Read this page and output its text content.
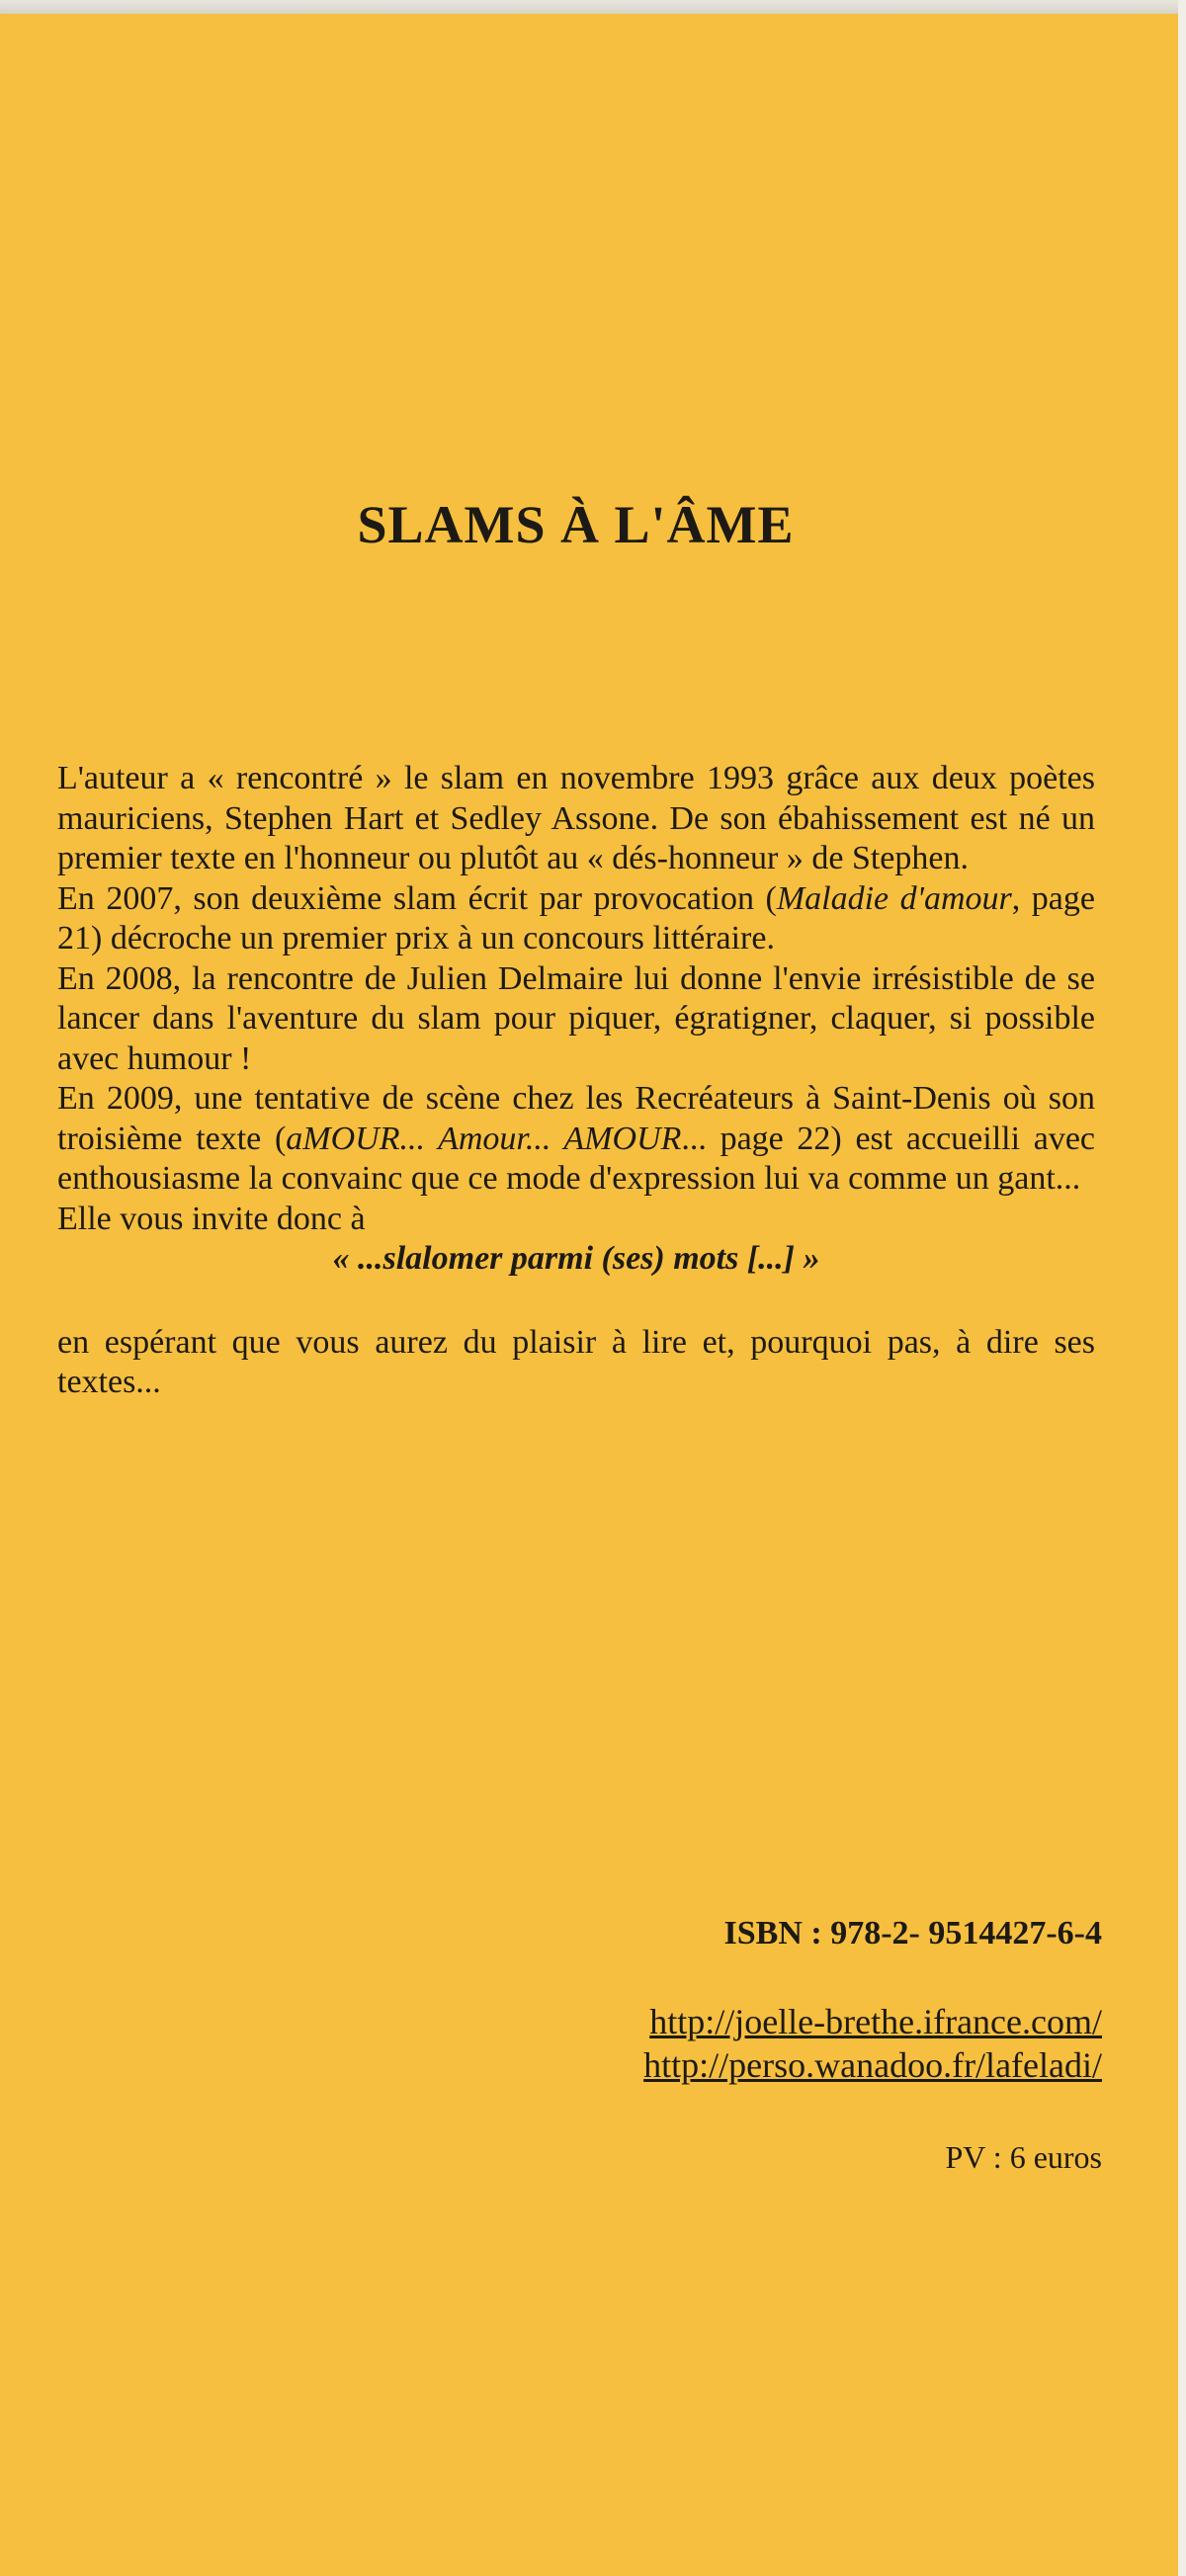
SLAMS À L'ÂME

L'auteur a « rencontré » le slam en novembre 1993 grâce aux deux poètes mauriciens, Stephen Hart et Sedley Assone. De son ébahissement est né un premier texte en l'honneur ou plutôt au « dés-honneur » de Stephen.

En 2007, son deuxième slam écrit par provocation (Maladie d'amour, page 21) décroche un premier prix à un concours littéraire.

En 2008, la rencontre de Julien Delmaire lui donne l'envie irrésistible de se lancer dans l'aventure du slam pour piquer, égratigner, claquer, si possible avec humour !

En 2009, une tentative de scène chez les Recréateurs à Saint-Denis où son troisième texte (aMOUR... Amour... AMOUR... page 22) est accueilli avec enthousiasme la convainc que ce mode d'expression lui va comme un gant...

Elle vous invite donc à

« ...slalomer parmi (ses) mots [...] »

en espérant que vous aurez du plaisir à lire et, pourquoi pas, à dire ses textes...

ISBN : 978-2- 9514427-6-4
http://joelle-brethe.ifrance.com/
http://perso.wanadoo.fr/lafeladi/
PV : 6 euros
